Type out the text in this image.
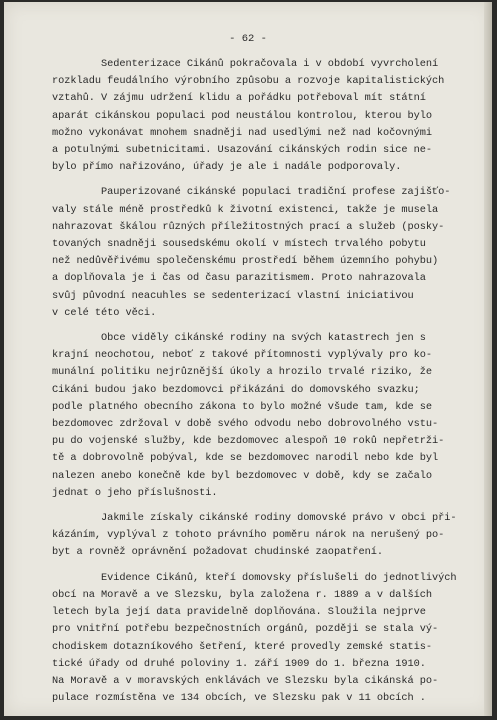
- 62 -
Sedenterizace Cikánů pokračovala i v období vyvrcholení
rozkladu feudálního výrobního způsobu a rozvoje kapitalistických
vztahů. V zájmu udržení klidu a pořádku potřeboval mít státní
aparát cikánskou populaci pod neustálou kontrolou, kterou bylo
možno vykonávat mnohem snadněji nad usedlými než nad kočovnými
a potulnými subetnicitami. Usazování cikánských rodin sice ne-
bylo přímo nařizováno, úřady je ale i nadále podporovaly.
Pauperizované cikánské populaci tradiční profese zajišťo-
valy stále méně prostředků k životní existenci, takže je musela
nahrazovat škálou různých příležitostných prací a služeb (posky-
tovaných snadněji sousedskému okolí v místech trvalého pobytu
než nedůvěřivému společenskému prostředí během územního pohybu)
a doplňovala je i čas od času parazitismem. Proto nahrazovala
svůj původní neacuhles se sedenterizací vlastní iniciativou
v celé této věci.
Obce viděly cikánské rodiny na svých katastrech jen s
krajní neochotou, neboť z takové přítomnosti vyplývaly pro ko-
munální politiku nejrůznější úkoly a hrozilo trvalé riziko, že
Cikáni budou jako bezdomovci přikázáni do domovského svazku;
podle platného obecního zákona to bylo možné všude tam, kde se
bezdomovec zdržoval v době svého odvodu nebo dobrovolného vstu-
pu do vojenské služby, kde bezdomovec alespoň 10 roků nepřetrži-
tě a dobrovolně pobýval, kde se bezdomovec narodil nebo kde byl
nalezen anebo konečně kde byl bezdomovec v době, kdy se začalo
jednat o jeho příslušnosti.
Jakmile získaly cikánské rodiny domovské právo v obci při-
kázáním, vyplýval z tohoto právního poměru nárok na nerušený po-
byt a rovněž oprávnění požadovat chudinské zaopatření.
Evidence Cikánů, kteří domovsky příslušeli do jednotlivých
obcí na Moravě a ve Slezsku, byla založena r. 1889 a v dalších
letech byla její data pravidelně doplňována. Sloužila nejprve
pro vnitřní potřebu bezpečnostních orgánů, později se stala vý-
chodiskem dotazníkového šetření, které provedly zemské statis-
tické úřady od druhé poloviny 1. září 1909 do 1. března 1910.
Na Moravě a v moravských enklávách ve Slezsku byla cikánská po-
pulace rozmístěna ve 134 obcích, ve Slezsku pak v 11 obcích .
